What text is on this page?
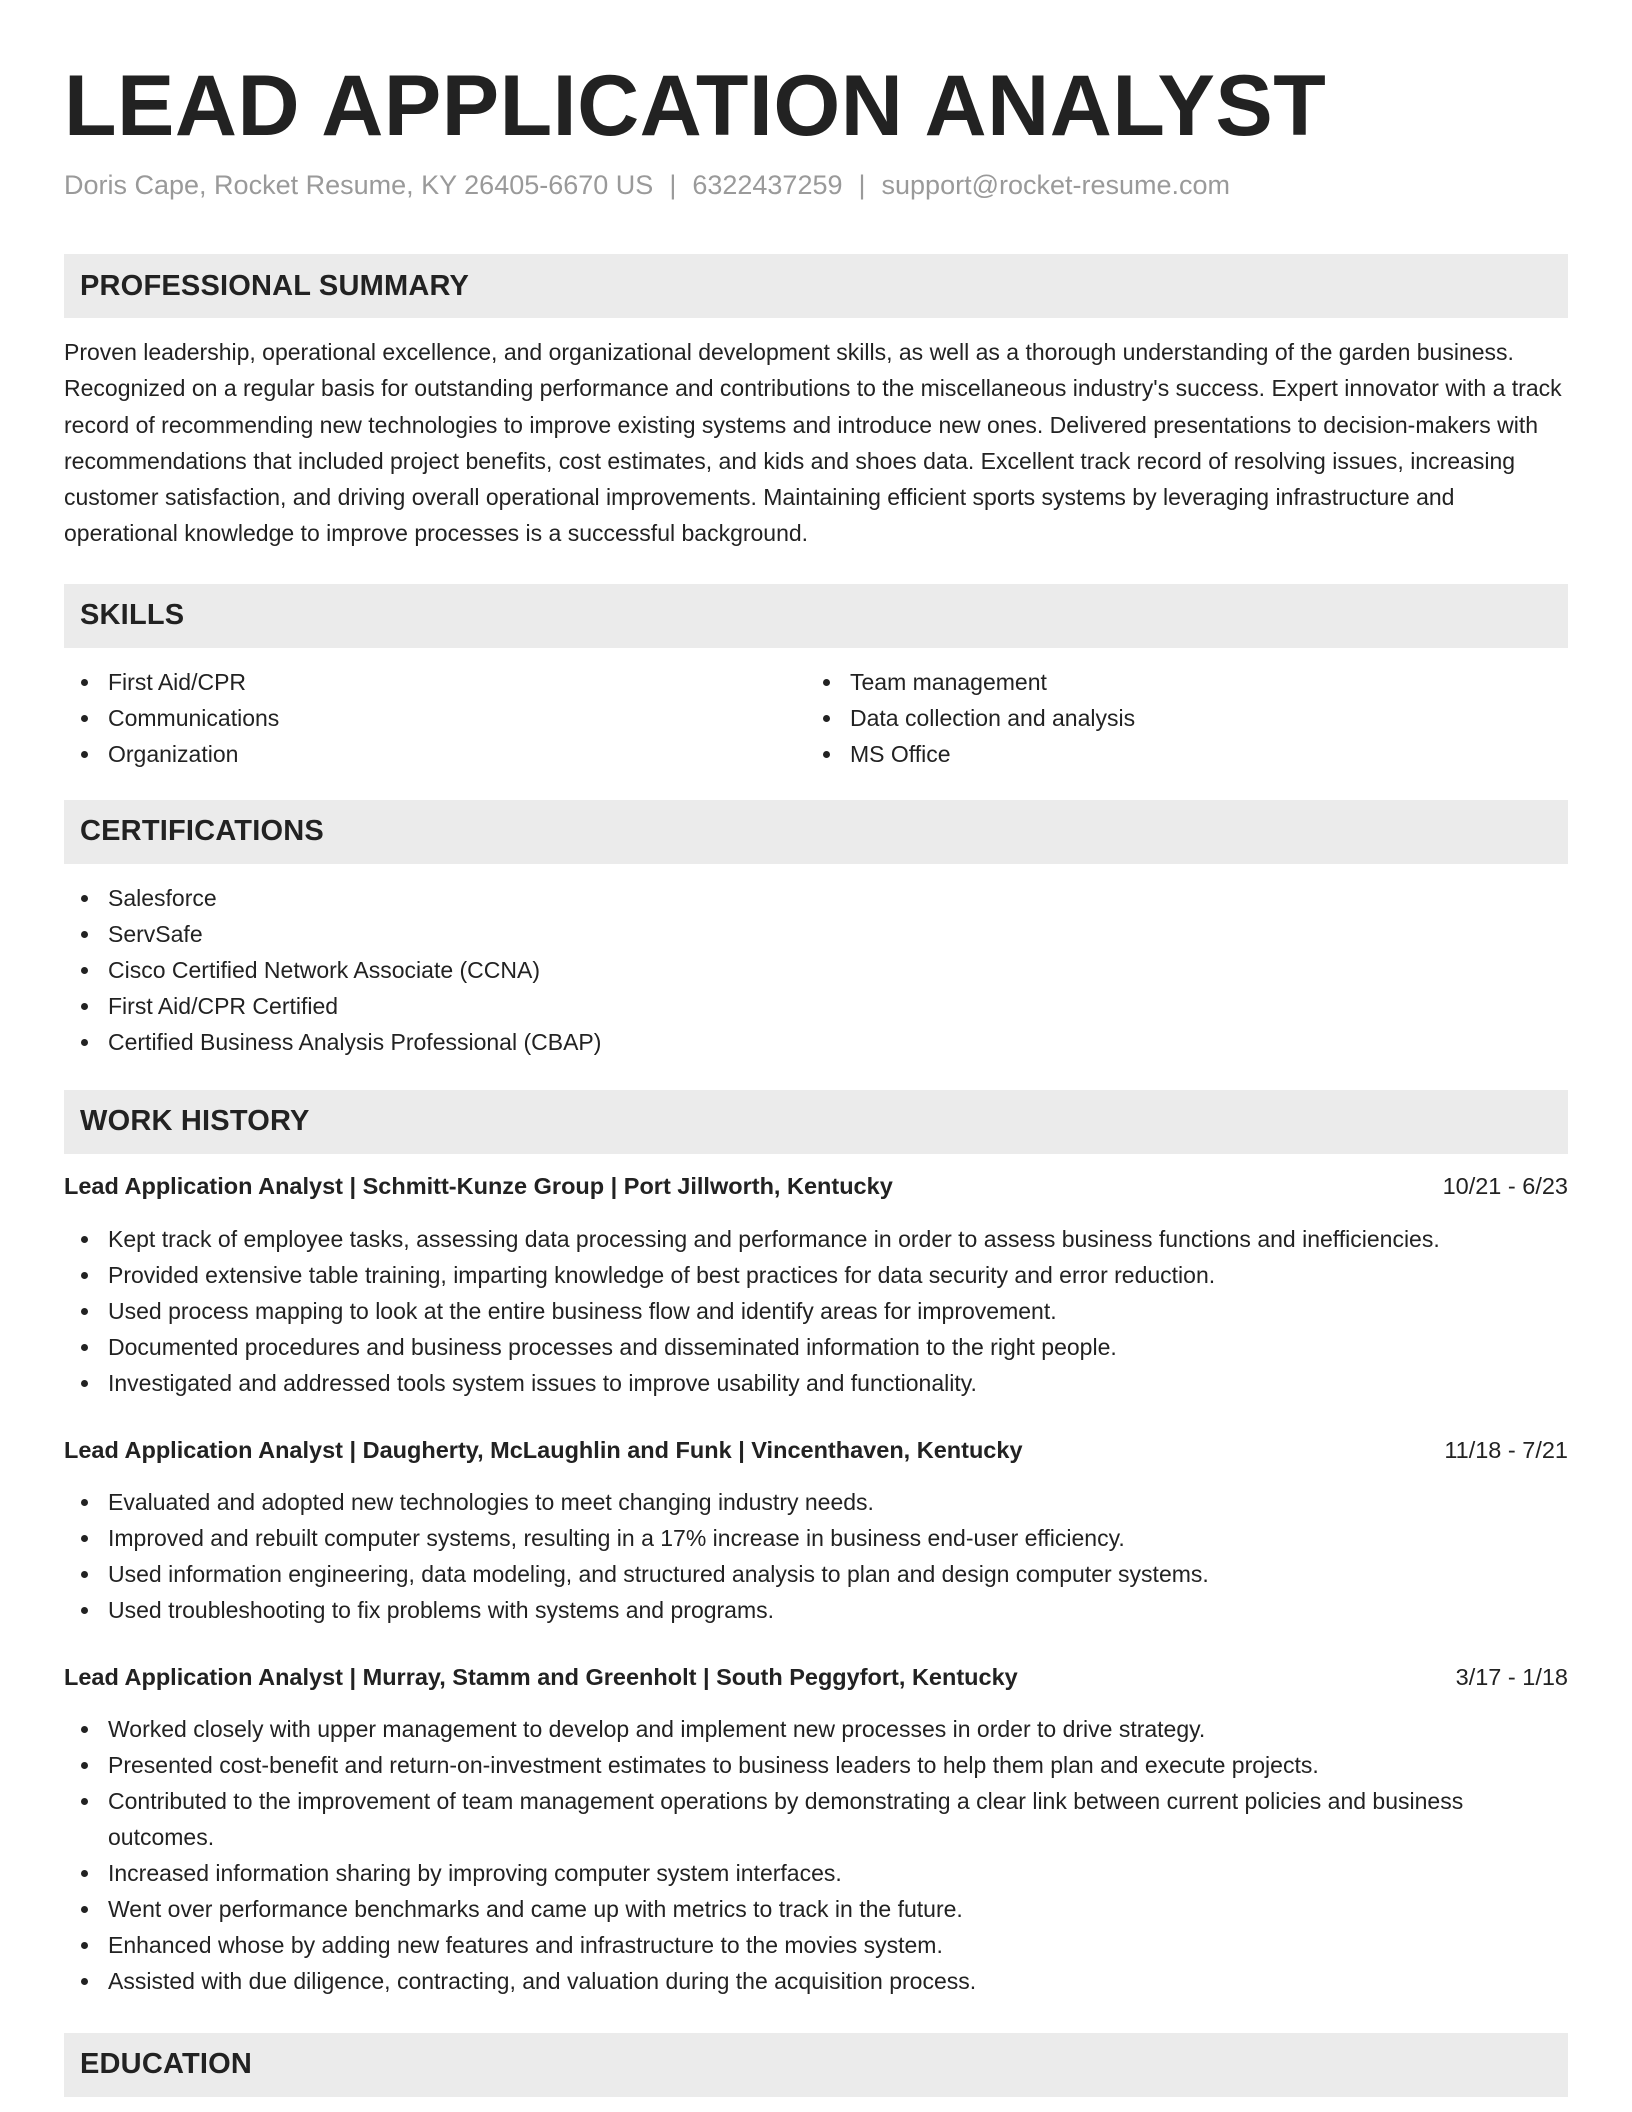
LEAD APPLICATION ANALYST
Doris Cape, Rocket Resume, KY 26405-6670 US | 6322437259 | support@rocket-resume.com
PROFESSIONAL SUMMARY

Proven leadership, operational excellence, and organizational development skills, as well as a thorough understanding of the garden business. Recognized on a regular basis for outstanding performance and contributions to the miscellaneous industry's success. Expert innovator with a track record of recommending new technologies to improve existing systems and introduce new ones. Delivered presentations to decision-makers with recommendations that included project benefits, cost estimates, and kids and shoes data. Excellent track record of resolving issues, increasing customer satisfaction, and driving overall operational improvements. Maintaining efficient sports systems by leveraging infrastructure and operational knowledge to improve processes is a successful background.

SKILLS
First Aid/CPR
Communications
Organization
Team management
Data collection and analysis
MS Office
CERTIFICATIONS
Salesforce
ServSafe
Cisco Certified Network Associate (CCNA)
First Aid/CPR Certified
Certified Business Analysis Professional (CBAP)
WORK HISTORY
Lead Application Analyst | Schmitt-Kunze Group | Port Jillworth, Kentucky	10/21 - 6/23
Kept track of employee tasks, assessing data processing and performance in order to assess business functions and inefficiencies.
Provided extensive table training, imparting knowledge of best practices for data security and error reduction.
Used process mapping to look at the entire business flow and identify areas for improvement.
Documented procedures and business processes and disseminated information to the right people.
Investigated and addressed tools system issues to improve usability and functionality.
Lead Application Analyst | Daugherty, McLaughlin and Funk | Vincenthaven, Kentucky	11/18 - 7/21
Evaluated and adopted new technologies to meet changing industry needs.
Improved and rebuilt computer systems, resulting in a 17% increase in business end-user efficiency.
Used information engineering, data modeling, and structured analysis to plan and design computer systems.
Used troubleshooting to fix problems with systems and programs.
Lead Application Analyst | Murray, Stamm and Greenholt | South Peggyfort, Kentucky	3/17 - 1/18
Worked closely with upper management to develop and implement new processes in order to drive strategy.
Presented cost-benefit and return-on-investment estimates to business leaders to help them plan and execute projects.
Contributed to the improvement of team management operations by demonstrating a clear link between current policies and business outcomes.
Increased information sharing by improving computer system interfaces.
Went over performance benchmarks and came up with metrics to track in the future.
Enhanced whose by adding new features and infrastructure to the movies system.
Assisted with due diligence, contracting, and valuation during the acquisition process.
EDUCATION
